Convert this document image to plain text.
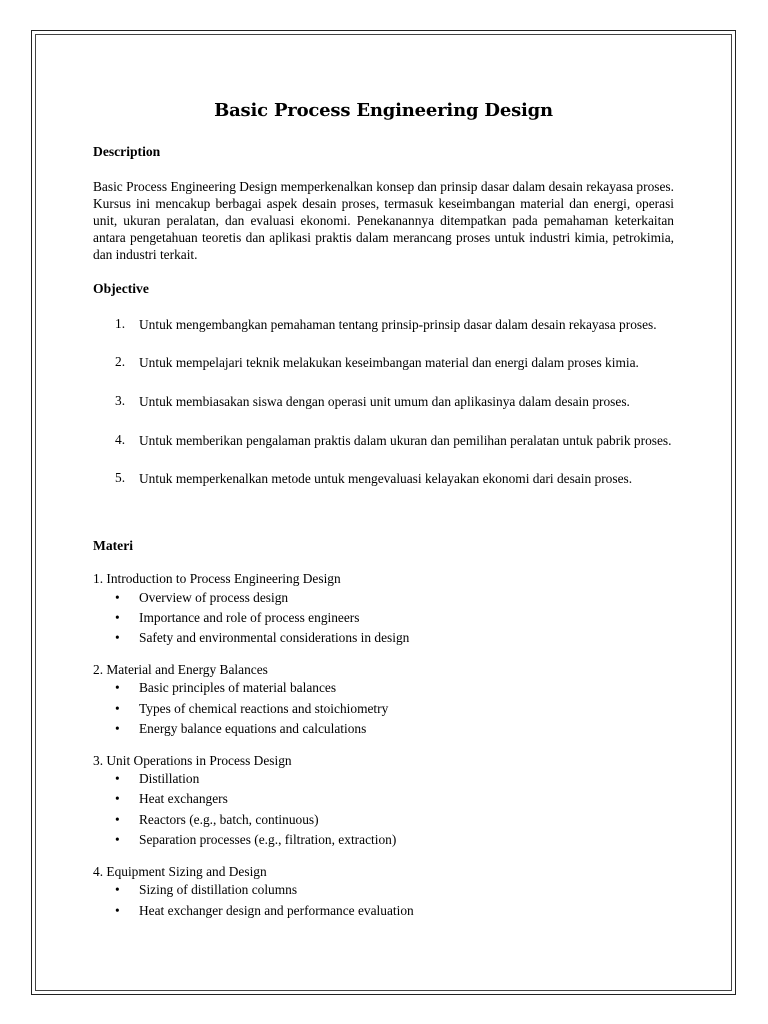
Basic Process Engineering Design
Description
Basic Process Engineering Design memperkenalkan konsep dan prinsip dasar dalam desain rekayasa proses. Kursus ini mencakup berbagai aspek desain proses, termasuk keseimbangan material dan energi, operasi unit, ukuran peralatan, dan evaluasi ekonomi. Penekanannya ditempatkan pada pemahaman keterkaitan antara pengetahuan teoretis dan aplikasi praktis dalam merancang proses untuk industri kimia, petrokimia, dan industri terkait.
Objective
1. Untuk mengembangkan pemahaman tentang prinsip-prinsip dasar dalam desain rekayasa proses.
2. Untuk mempelajari teknik melakukan keseimbangan material dan energi dalam proses kimia.
3. Untuk membiasakan siswa dengan operasi unit umum dan aplikasinya dalam desain proses.
4. Untuk memberikan pengalaman praktis dalam ukuran dan pemilihan peralatan untuk pabrik proses.
5. Untuk memperkenalkan metode untuk mengevaluasi kelayakan ekonomi dari desain proses.
Materi
1. Introduction to Process Engineering Design
• Overview of process design
• Importance and role of process engineers
• Safety and environmental considerations in design
2. Material and Energy Balances
• Basic principles of material balances
• Types of chemical reactions and stoichiometry
• Energy balance equations and calculations
3. Unit Operations in Process Design
• Distillation
• Heat exchangers
• Reactors (e.g., batch, continuous)
• Separation processes (e.g., filtration, extraction)
4. Equipment Sizing and Design
• Sizing of distillation columns
• Heat exchanger design and performance evaluation
